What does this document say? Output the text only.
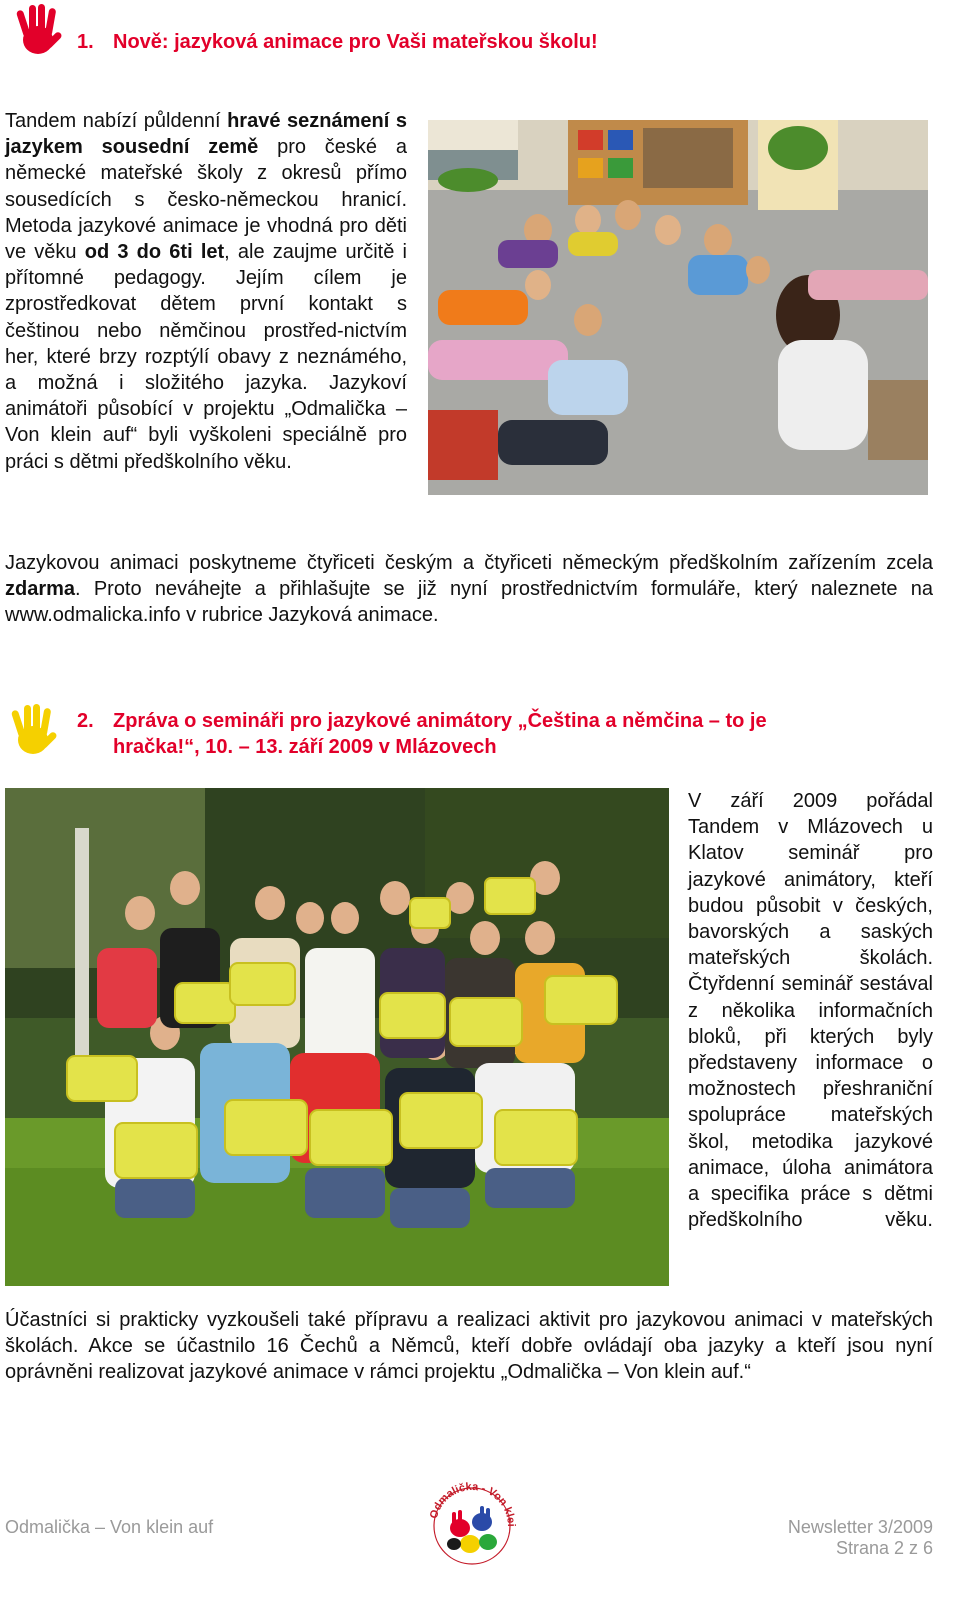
1. Nově: jazyková animace pro Vaši mateřskou školu!

Tandem nabízí půldenní hravé seznámení s jazykem sousední země pro české a německé mateřské školy z okresů přímo sousedících s česko-německou hranicí. Metoda jazykové animace je vhodná pro děti ve věku od 3 do 6ti let, ale zaujme určitě i přítomné pedagogy. Jejím cílem je zprostředkovat dětem první kontakt s češtinou nebo němčinou prostřed-nictvím her, které brzy rozptýlí obavy z neznámého, a možná i složitého jazyka. Jazykoví animátoři působící v projektu „Odmalička – Von klein auf“ byli vyškoleni speciálně pro práci s dětmi předškolního věku.

Jazykovou animaci poskytneme čtyřiceti českým a čtyřiceti německým předškolním zařízením zcela zdarma. Proto neváhejte a přihlašujte se již nyní prostřednictvím formuláře, který naleznete na www.odmalicka.info v rubrice Jazyková animace.

2. Zpráva o semináři pro jazykové animátory „Čeština a němčina – to je
hračka!“, 10. – 13. září 2009 v Mlázovech

V září 2009 pořádal Tandem v Mlázovech u Klatov seminář pro jazykové animátory, kteří budou působit v českých, bavorských a saských mateřských školách. Čtyřdenní seminář sestával z několika informačních bloků, při kterých byly představeny informace o možnostech přeshraniční spolupráce mateřských škol, metodika jazykové animace, úloha animátora a specifika práce s dětmi předškolního věku.

Účastníci si prakticky vyzkoušeli také přípravu a realizaci aktivit pro jazykovou animaci v mateřských školách. Akce se účastnilo 16 Čechů a Němců, kteří dobře ovládají oba jazyky a kteří jsou nyní oprávněni realizovat jazykové animace v rámci projektu „Odmalička – Von klein auf.“

Odmalička – Von klein auf
Odmalička - Von klei	Newsletter 3/2009
Strana 2 z 6
